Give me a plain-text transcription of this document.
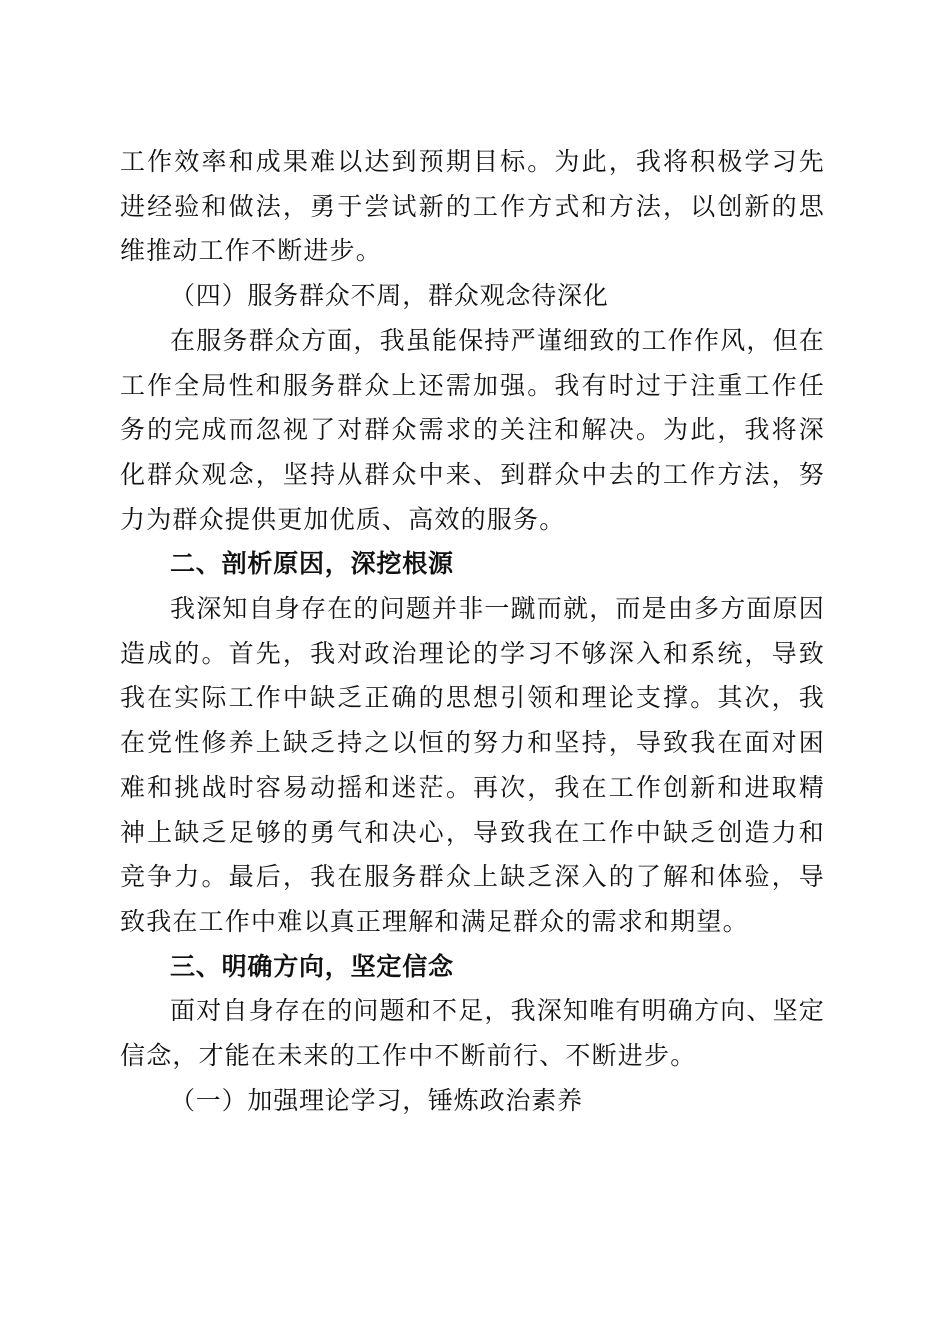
工作效率和成果难以达到预期目标。为此，我将积极学习先进经验和做法，勇于尝试新的工作方式和方法，以创新的思维推动工作不断进步。

（四）服务群众不周，群众观念待深化

在服务群众方面，我虽能保持严谨细致的工作作风，但在工作全局性和服务群众上还需加强。我有时过于注重工作任务的完成而忽视了对群众需求的关注和解决。为此，我将深化群众观念，坚持从群众中来、到群众中去的工作方法，努力为群众提供更加优质、高效的服务。

二、剖析原因，深挖根源

我深知自身存在的问题并非一蹴而就，而是由多方面原因造成的。首先，我对政治理论的学习不够深入和系统，导致我在实际工作中缺乏正确的思想引领和理论支撑。其次，我在党性修养上缺乏持之以恒的努力和坚持，导致我在面对困难和挑战时容易动摇和迷茫。再次，我在工作创新和进取精神上缺乏足够的勇气和决心，导致我在工作中缺乏创造力和竞争力。最后，我在服务群众上缺乏深入的了解和体验，导致我在工作中难以真正理解和满足群众的需求和期望。

三、明确方向，坚定信念

面对自身存在的问题和不足，我深知唯有明确方向、坚定信念，才能在未来的工作中不断前行、不断进步。

（一）加强理论学习，锤炼政治素养
